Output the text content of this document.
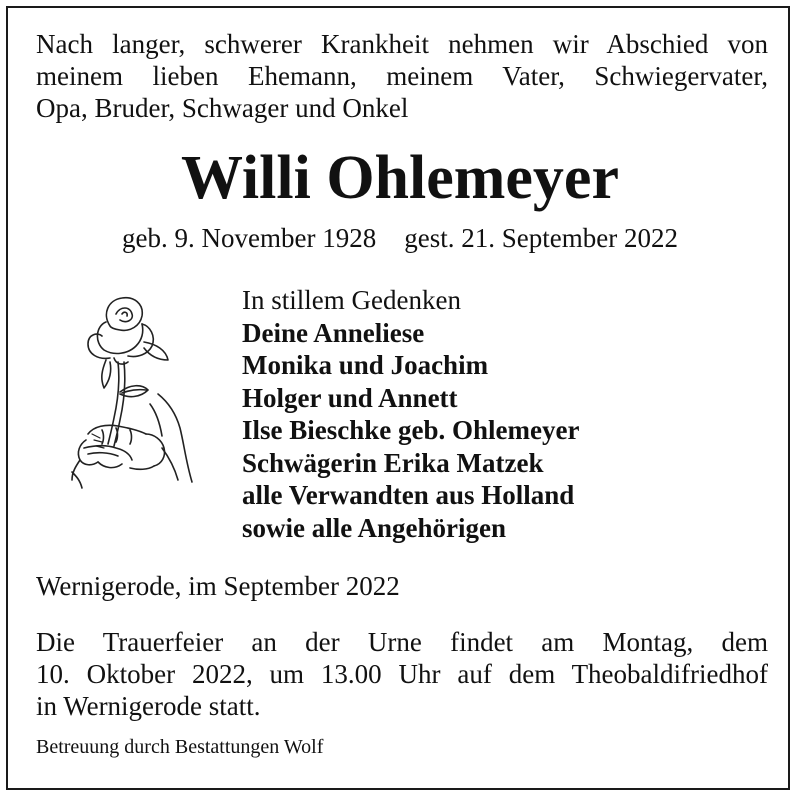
Nach langer, schwerer Krankheit nehmen wir Abschied von
meinem lieben Ehemann, meinem Vater, Schwiegervater,
Opa, Bruder, Schwager und Onkel
Willi Ohlemeyer
geb. 9. November 1928 gest. 21. September 2022
In stillem Gedenken
Deine Anneliese
Monika und Joachim
Holger und Annett
Ilse Bieschke geb. Ohlemeyer
Schwägerin Erika Matzek
alle Verwandten aus Holland
sowie alle Angehörigen
Wernigerode, im September 2022
Die Trauerfeier an der Urne findet am Montag, dem
10. Oktober 2022, um 13.00 Uhr auf dem Theobaldifriedhof
in Wernigerode statt.
Betreuung durch Bestattungen Wolf
